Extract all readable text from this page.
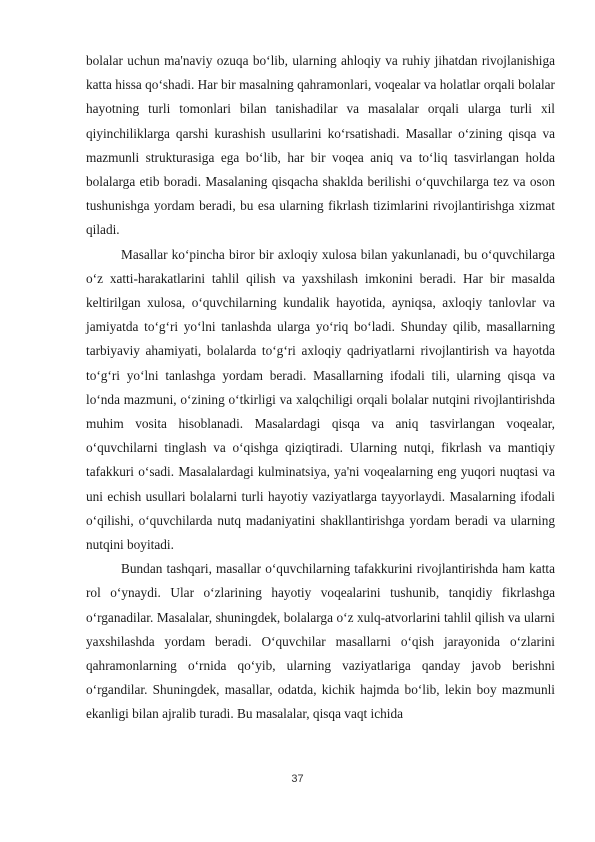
bolalar uchun ma'naviy ozuqa bo‘lib, ularning ahloqiy va ruhiy jihatdan rivojlanishiga katta hissa qo‘shadi. Har bir masalning qahramonlari, voqealar va holatlar orqali bolalar hayotning turli tomonlari bilan tanishadilar va masalalar orqali ularga turli xil qiyinchiliklarga qarshi kurashish usullarini ko‘rsatishadi. Masallar o‘zining qisqa va mazmunli strukturasiga ega bo‘lib, har bir voqea aniq va to‘liq tasvirlangan holda bolalarga etib boradi. Masalaning qisqacha shaklda berilishi o‘quvchilarga tez va oson tushunishga yordam beradi, bu esa ularning fikrlash tizimlarini rivojlantirishga xizmat qiladi.

Masallar ko‘pincha biror bir axloqiy xulosa bilan yakunlanadi, bu o‘quvchilarga o‘z xatti-harakatlarini tahlil qilish va yaxshilash imkonini beradi. Har bir masalda keltirilgan xulosa, o‘quvchilarning kundalik hayotida, ayniqsa, axloqiy tanlovlar va jamiyatda to‘g‘ri yo‘lni tanlashda ularga yo‘riq bo‘ladi. Shunday qilib, masallarning tarbiyaviy ahamiyati, bolalarda to‘g‘ri axloqiy qadriyatlarni rivojlantirish va hayotda to‘g‘ri yo‘lni tanlashga yordam beradi. Masallarning ifodali tili, ularning qisqa va lo‘nda mazmuni, o‘zining o‘tkirligi va xalqchiligi orqali bolalar nutqini rivojlantirishda muhim vosita hisoblanadi. Masalardagi qisqa va aniq tasvirlangan voqealar, o‘quvchilarni tinglash va o‘qishga qiziqtiradi. Ularning nutqi, fikrlash va mantiqiy tafakkuri o‘sadi. Masalalardagi kulminatsiya, ya'ni voqealarning eng yuqori nuqtasi va uni echish usullari bolalarni turli hayotiy vaziyatlarga tayyorlaydi. Masalarning ifodali o‘qilishi, o‘quvchilarda nutq madaniyatini shakllantirishga yordam beradi va ularning nutqini boyitadi.

Bundan tashqari, masallar o‘quvchilarning tafakkurini rivojlantirishda ham katta rol o‘ynaydi. Ular o‘zlarining hayotiy voqealarini tushunib, tanqidiy fikrlashga o‘rganadilar. Masalalar, shuningdek, bolalarga o‘z xulq-atvorlarini tahlil qilish va ularni yaxshilashda yordam beradi. O‘quvchilar masallarni o‘qish jarayonida o‘zlarini qahramonlarning o‘rnida qo‘yib, ularning vaziyatlariga qanday javob berishni o‘rgandilar. Shuningdek, masallar, odatda, kichik hajmda bo‘lib, lekin boy mazmunli ekanligi bilan ajralib turadi. Bu masalalar, qisqa vaqt ichida

37
